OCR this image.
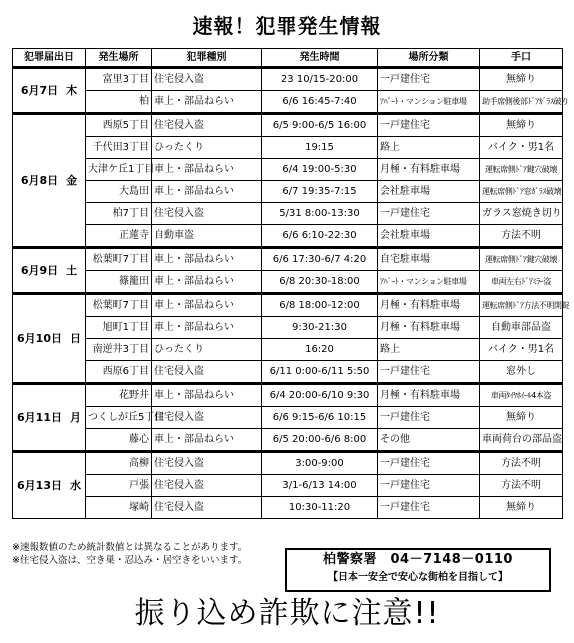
速報！犯罪発生情報
犯罪届出日	発生場所	犯罪種別	発生時間	場所分類	手口
6月7日 木	富里3丁目	住宅侵入盗	23 10/15-20:00	一戸建住宅	無締り
	柏	車上・部品ねらい	6/6 16:45-7:40	ｱﾊﾟｰﾄ・マンション駐車場	助手席側後部ﾄﾞｱｶﾞﾗｽ破り
6月8日 金	西原5丁目	住宅侵入盗	6/5 9:00-6/5 16:00	一戸建住宅	無締り
	千代田3丁目	ひったくり	19:15	路上	バイク・男1名
	大津ケ丘1丁目	車上・部品ねらい	6/4 19:00-5:30	月極・有料駐車場	運転席側ﾄﾞｱ鍵穴破壊
	大島田	車上・部品ねらい	6/7 19:35-7:15	会社駐車場	運転席側ﾄﾞｱ窓ｶﾞﾗｽ破壊
	柏7丁目	住宅侵入盗	5/31 8:00-13:30	一戸建住宅	ガラス窓焼き切り
	正蓮寺	自動車盗	6/6 6:10-22:30	会社駐車場	方法不明
6月9日 土	松葉町7丁目	車上・部品ねらい	6/6 17:30-6/7 4:20	自宅駐車場	運転席側ﾄﾞｱ鍵穴破壊
	篠籠田	車上・部品ねらい	6/8 20:30-18:00	ｱﾊﾟｰﾄ・マンション駐車場	車両左右ﾄﾞｱﾐﾗｰ盗
6月10日 日	松葉町7丁目	車上・部品ねらい	6/8 18:00-12:00	月極・有料駐車場	運転席側ﾄﾞｱ方法不明開錠
	旭町1丁目	車上・部品ねらい	9:30-21:30	月極・有料駐車場	自動車部品盗
	南逆井3丁目	ひったくり	16:20	路上	バイク・男1名
	西原6丁目	住宅侵入盗	6/11 0:00-6/11 5:50	一戸建住宅	窓外し
6月11日 月	花野井	車上・部品ねらい	6/4 20:00-6/10 9:30	月極・有料駐車場	車両ﾀｲﾔﾎｲｰﾙ4本盗
	つくしが丘5丁目	住宅侵入盗	6/6 9:15-6/6 10:15	一戸建住宅	無締り
	藤心	車上・部品ねらい	6/5 20:00-6/6 8:00	その他	車両荷台の部品盗
6月13日 水	高柳	住宅侵入盗	3:00-9:00	一戸建住宅	方法不明
	戸張	住宅侵入盗	3/1-6/13 14:00	一戸建住宅	方法不明
	塚崎	住宅侵入盗	10:30-11:20	一戸建住宅	無締り
※速報数値のため統計数値とは異なることがあります。
※住宅侵入盗は、空き巣・忍込み・居空きをいいます。	柏警察署　04－7148－0110
【日本一安全で安心な街柏を目指して】
振り込め詐欺に注意!!
